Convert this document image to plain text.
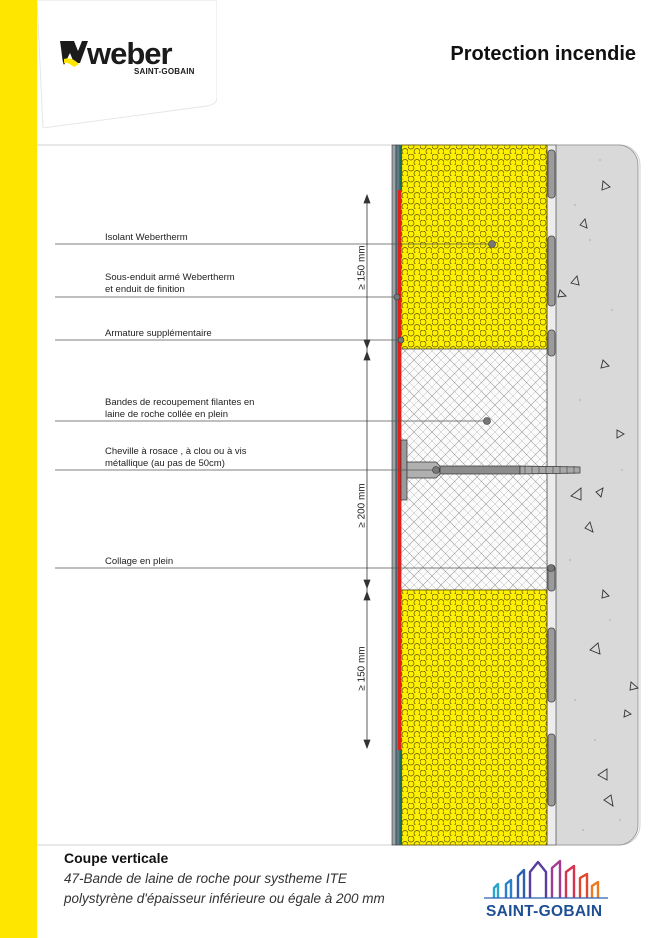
weber
SAINT-GOBAIN
Protection incendie
Isolant Webertherm
Sous-enduit armé Webertherm
et enduit de finition
Armature supplémentaire
Bandes de recoupement filantes en
laine de roche collée en plein
Cheville à rosace , à clou ou à vis
métallique (au pas de 50cm)
Collage en plein
≥ 150 mm
≥ 200 mm
≥ 150 mm
Coupe verticale
47-Bande de laine de roche pour systheme ITE
polystyrène d'épaisseur inférieure ou égale à 200 mm
SAINT-GOBAIN
